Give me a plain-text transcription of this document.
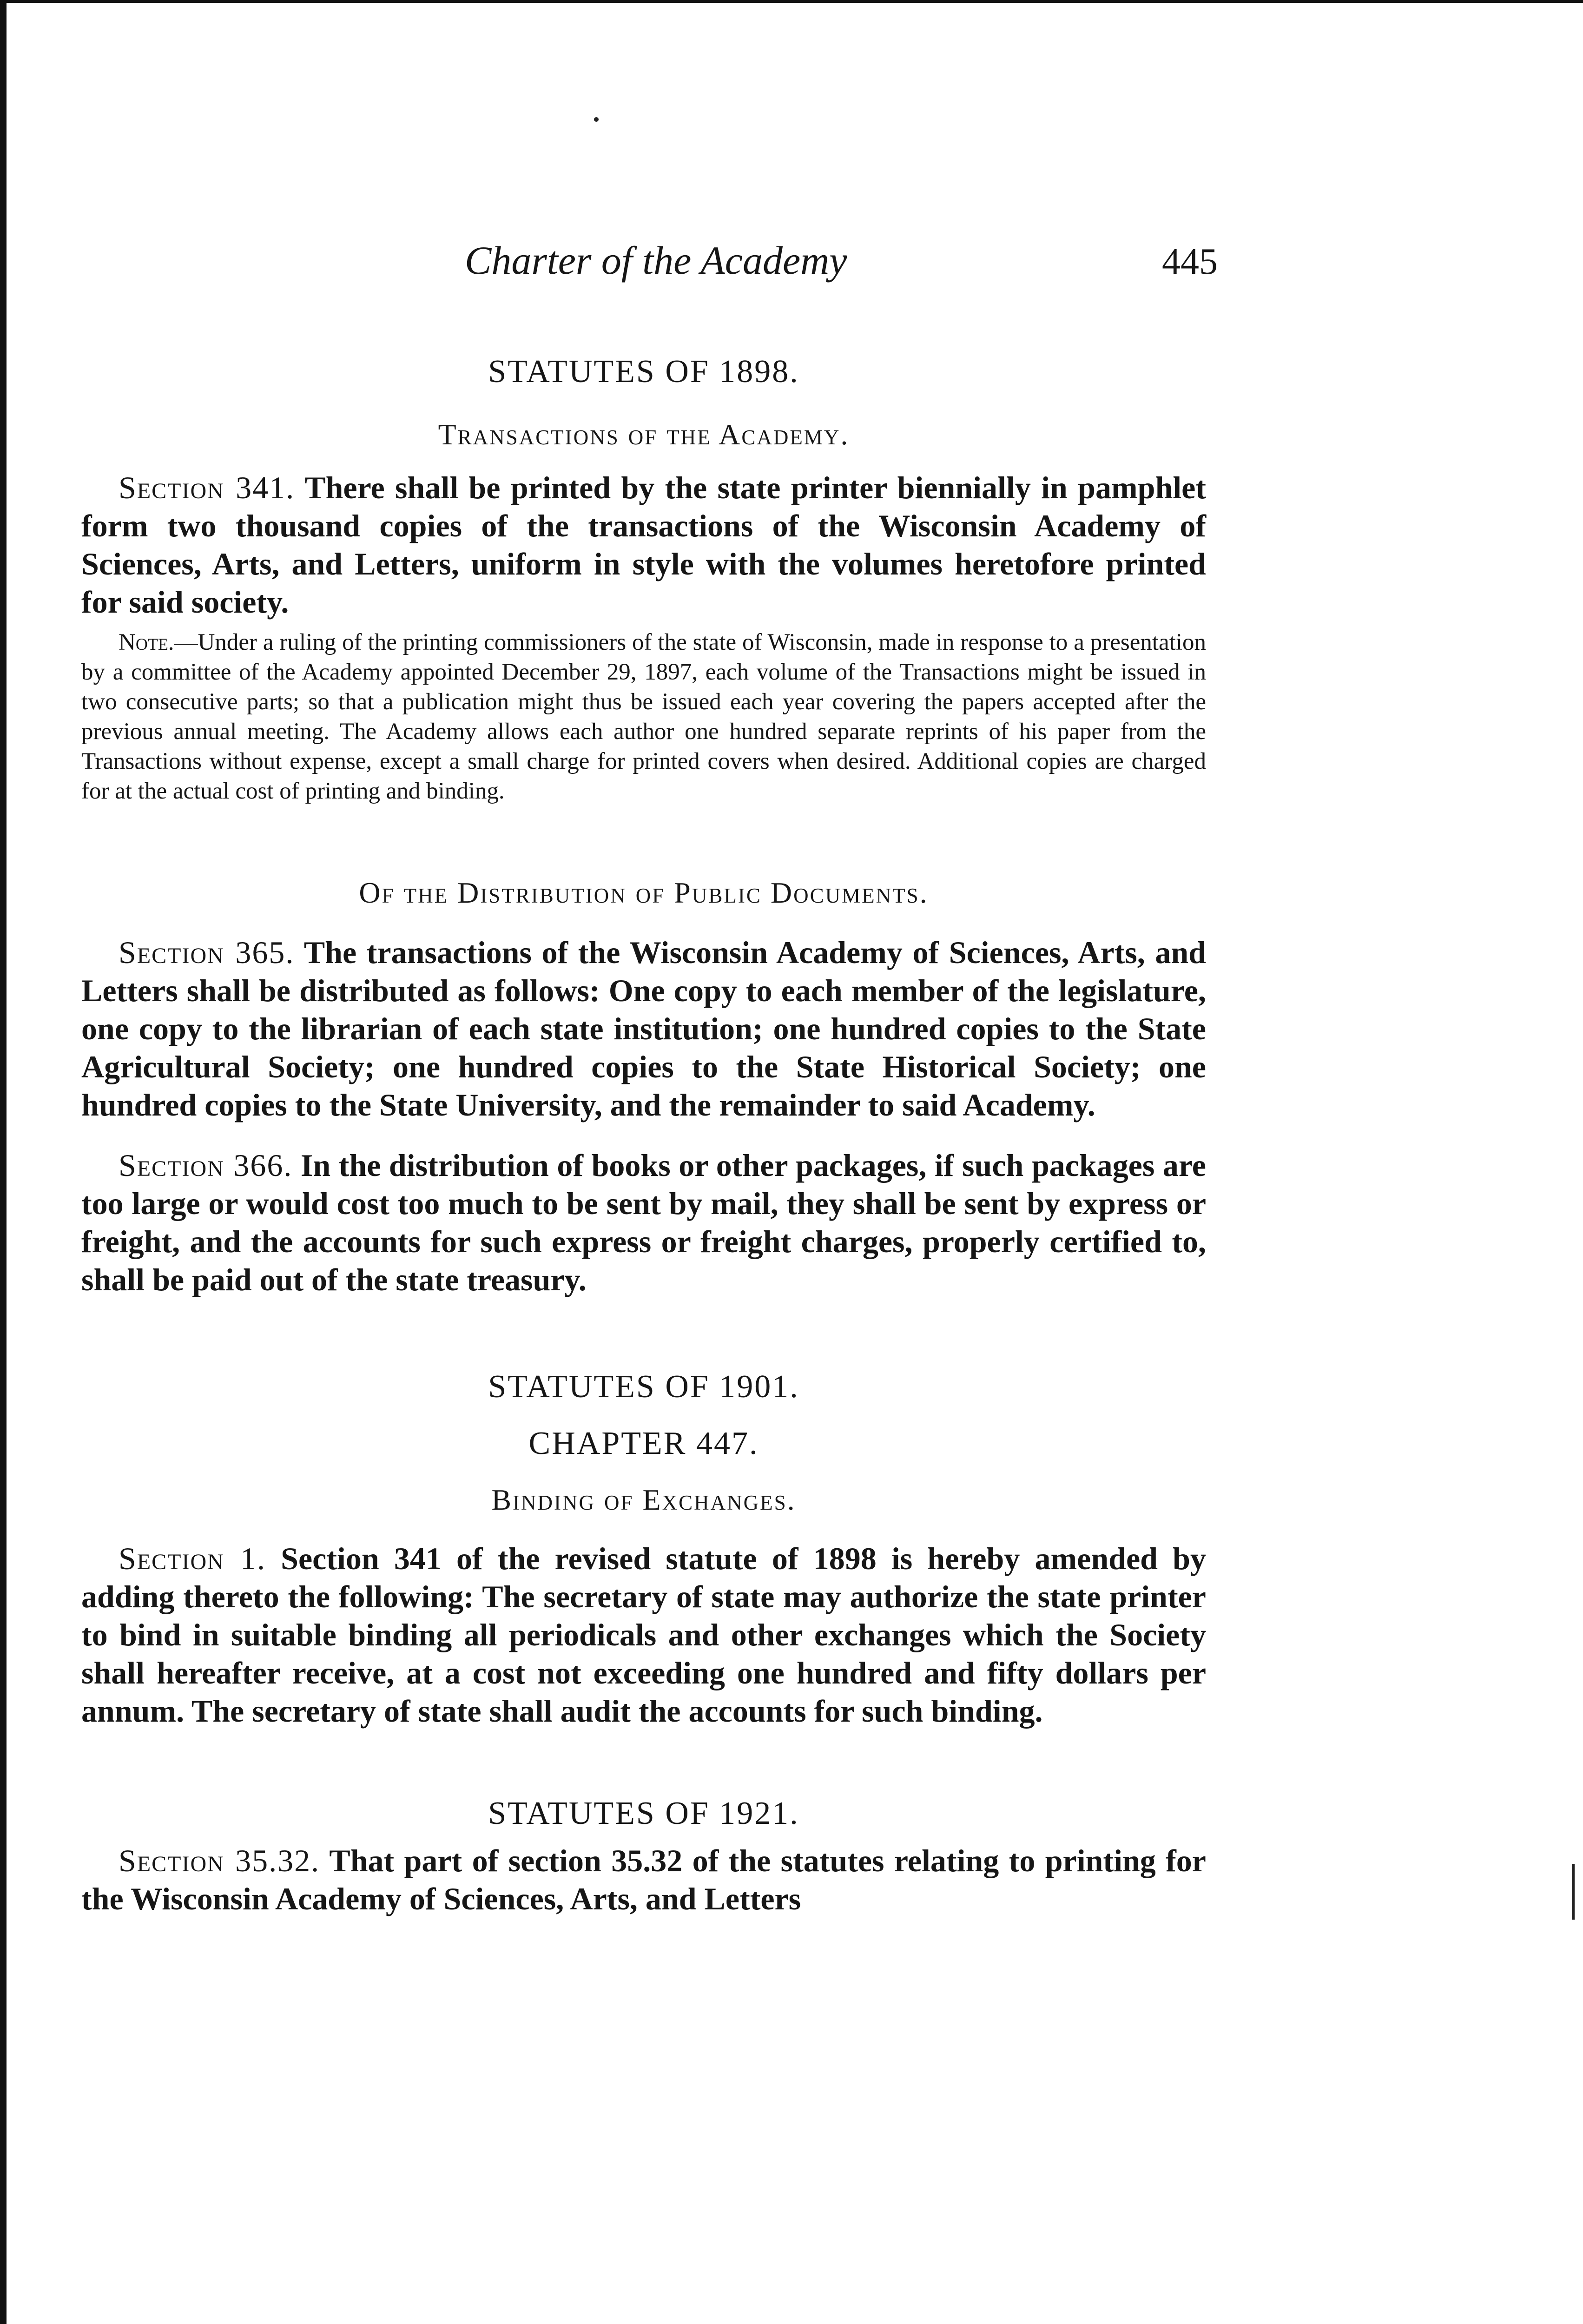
Charter of the Academy	445

STATUTES OF 1898.

Transactions of the Academy.

Section 341. There shall be printed by the state printer biennially in pamphlet form two thousand copies of the transactions of the Wisconsin Academy of Sciences, Arts, and Letters, uniform in style with the volumes heretofore printed for said society.

Note.—Under a ruling of the printing commissioners of the state of Wisconsin, made in response to a presentation by a committee of the Academy appointed December 29, 1897, each volume of the Transactions might be issued in two consecutive parts; so that a publication might thus be issued each year covering the papers accepted after the previous annual meeting. The Academy allows each author one hundred separate reprints of his paper from the Transactions without expense, except a small charge for printed covers when desired. Additional copies are charged for at the actual cost of printing and binding.

Of the Distribution of Public Documents.

Section 365. The transactions of the Wisconsin Academy of Sciences, Arts, and Letters shall be distributed as follows: One copy to each member of the legislature, one copy to the librarian of each state institution; one hundred copies to the State Agricultural Society; one hundred copies to the State Historical Society; one hundred copies to the State University, and the remainder to said Academy.

Section 366. In the distribution of books or other packages, if such packages are too large or would cost too much to be sent by mail, they shall be sent by express or freight, and the accounts for such express or freight charges, properly certified to, shall be paid out of the state treasury.

STATUTES OF 1901.

CHAPTER 447.

Binding of Exchanges.

Section 1. Section 341 of the revised statute of 1898 is hereby amended by adding thereto the following: The secretary of state may authorize the state printer to bind in suitable binding all periodicals and other exchanges which the Society shall hereafter receive, at a cost not exceeding one hundred and fifty dollars per annum. The secretary of state shall audit the accounts for such binding.

STATUTES OF 1921.

Section 35.32. That part of section 35.32 of the statutes relating to printing for the Wisconsin Academy of Sciences, Arts, and Letters
